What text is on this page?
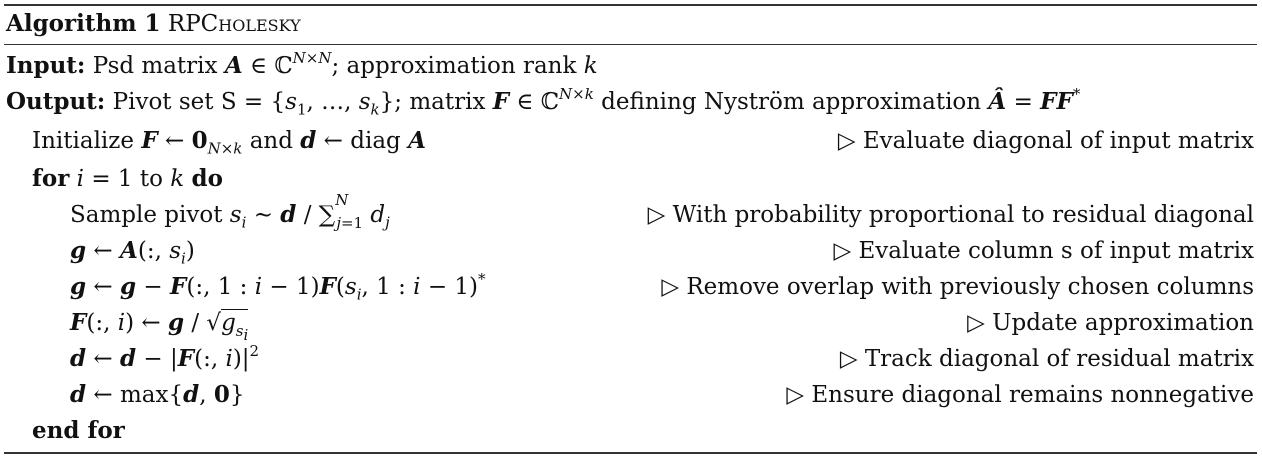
Algorithm 1 RPCholesky
Input: Psd matrix A ∈ ℂ$^{N\times N}$; approximation rank k
Output: Pivot set $S = \{s_1$, …, $s_k$}; matrix F ∈ ℂ$^{N\times k}$ defining Nyström approximation Â = FF*
Initialize F ← $0_{N\times k}$ and d ← diag A	▷ Evaluate diagonal of input matrix
for i = 1 to k do
Sample pivot $s_i$ ∼ d / ∑$^N_{j=1}$ $d_j$	▷ With probability proportional to residual diagonal
g ← A(:, $s_i$)	▷ Evaluate column s of input matrix
g ← g − F(:, 1 : $i - 1)F(s_i$, 1 : i − 1)*	▷ Remove overlap with previously chosen columns
F(:, i) ← g / $√g_{s_i}$	▷ Update approximation
d ← d − |F(:, $i)|^2$	▷ Track diagonal of residual matrix
d ← max{d, 0}	▷ Ensure diagonal remains nonnegative
end for
